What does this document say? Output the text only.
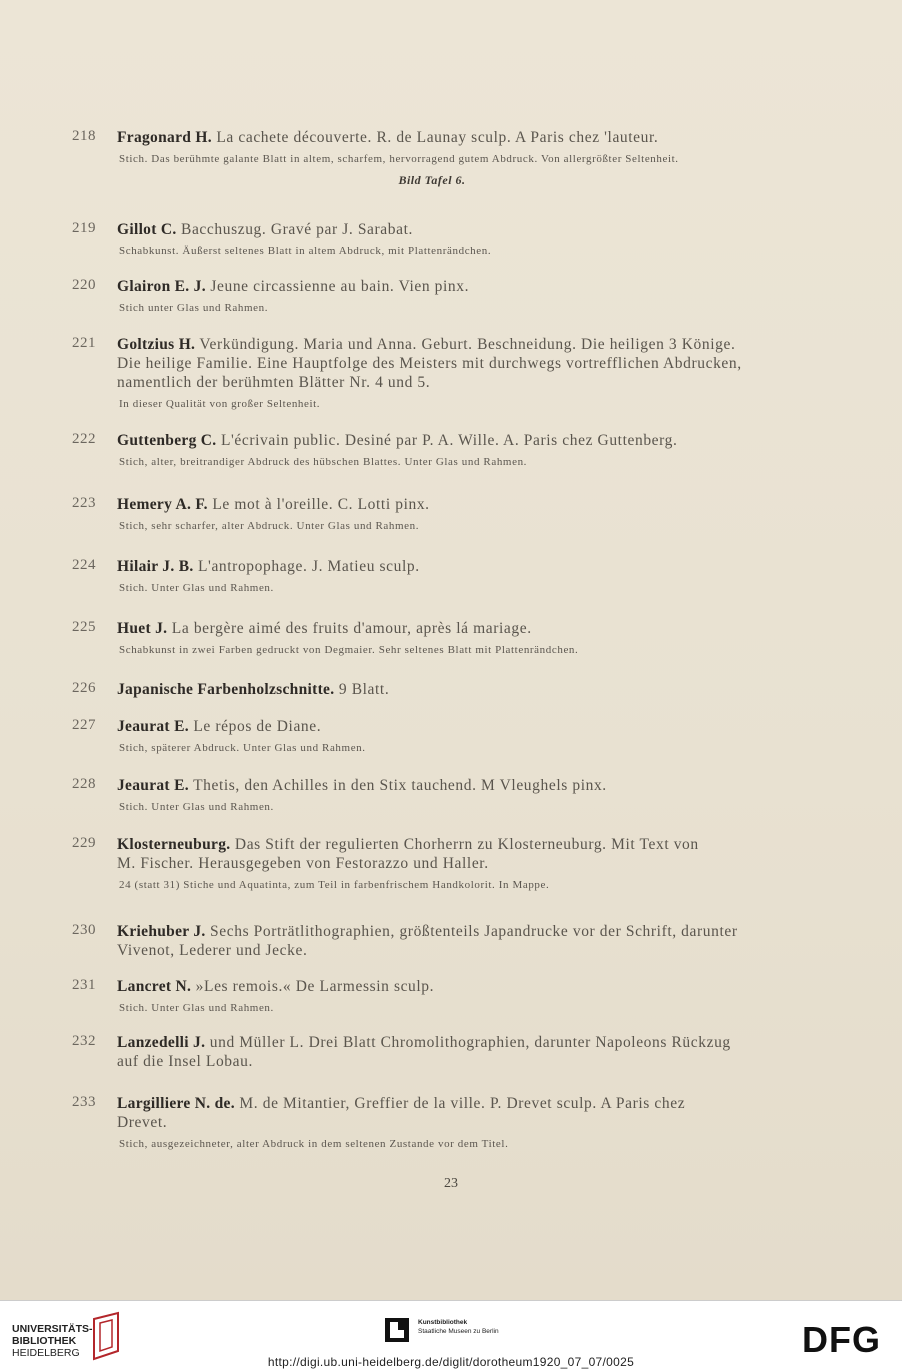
218	Fragonard H. La cachete découverte. R. de Launay sculp. A Paris chez 'lauteur.
Stich. Das berühmte galante Blatt in altem, scharfem, hervorragend gutem Abdruck. Von allergrößter Seltenheit.
Bild Tafel 6.
219	Gillot C. Bacchuszug. Gravé par J. Sarabat.
Schabkunst. Äußerst seltenes Blatt in altem Abdruck, mit Plattenrändchen.
220	Glairon E. J. Jeune circassienne au bain. Vien pinx.
Stich unter Glas und Rahmen.
221	Goltzius H. Verkündigung. Maria und Anna. Geburt. Beschneidung. Die heiligen 3 Könige.
Die heilige Familie. Eine Hauptfolge des Meisters mit durchwegs vortrefflichen Abdrucken,
namentlich der berühmten Blätter Nr. 4 und 5.
In dieser Qualität von großer Seltenheit.
222	Guttenberg C. L'écrivain public. Desiné par P. A. Wille. A. Paris chez Guttenberg.
Stich, alter, breitrandiger Abdruck des hübschen Blattes. Unter Glas und Rahmen.
223	Hemery A. F. Le mot à l'oreille. C. Lotti pinx.
Stich, sehr scharfer, alter Abdruck. Unter Glas und Rahmen.
224	Hilair J. B. L'antropophage. J. Matieu sculp.
Stich. Unter Glas und Rahmen.
225	Huet J. La bergère aimé des fruits d'amour, après lá mariage.
Schabkunst in zwei Farben gedruckt von Degmaier. Sehr seltenes Blatt mit Plattenrändchen.
226	Japanische Farbenholzschnitte. 9 Blatt.
227	Jeaurat E. Le répos de Diane.
Stich, späterer Abdruck. Unter Glas und Rahmen.
228	Jeaurat E. Thetis, den Achilles in den Stix tauchend. M Vleughels pinx.
Stich. Unter Glas und Rahmen.
229	Klosterneuburg. Das Stift der regulierten Chorherrn zu Klosterneuburg. Mit Text von
M. Fischer. Herausgegeben von Festorazzo und Haller.
24 (statt 31) Stiche und Aquatinta, zum Teil in farbenfrischem Handkolorit. In Mappe.
230	Kriehuber J. Sechs Porträtlithographien, größtenteils Japandrucke vor der Schrift, darunter
Vivenot, Lederer und Jecke.
231	Lancret N. »Les remois.« De Larmessin sculp.
Stich. Unter Glas und Rahmen.
232	Lanzedelli J. und Müller L. Drei Blatt Chromolithographien, darunter Napoleons Rückzug
auf die Insel Lobau.
233	Largilliere N. de. M. de Mitantier, Greffier de la ville. P. Drevet sculp. A Paris chez
Drevet.
Stich, ausgezeichneter, alter Abdruck in dem seltenen Zustande vor dem Titel.
23
UNIVERSITÄTS-
BIBLIOTHEK
HEIDELBERG
Kunstbibliothek
Staatliche Museen zu Berlin	DFG
http://digi.ub.uni-heidelberg.de/diglit/dorotheum1920_07_07/0025
